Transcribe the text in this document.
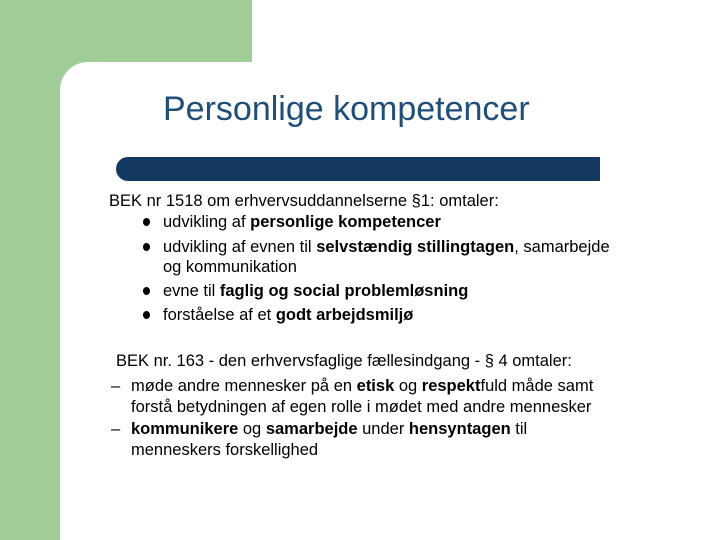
Personlige kompetencer
BEK nr 1518 om erhvervsuddannelserne §1: omtaler:
udvikling af personlige kompetencer
udvikling af evnen til selvstændig stillingtagen, samarbejde
og kommunikation
evne til faglig og social problemløsning
forståelse af et godt arbejdsmiljø
BEK nr. 163 - den erhvervsfaglige fællesindgang - § 4 omtaler:
– møde andre mennesker på en etisk og respektfuld måde samt
forstå betydningen af egen rolle i mødet med andre mennesker
– kommunikere og samarbejde under hensyntagen til
menneskers forskellighed
